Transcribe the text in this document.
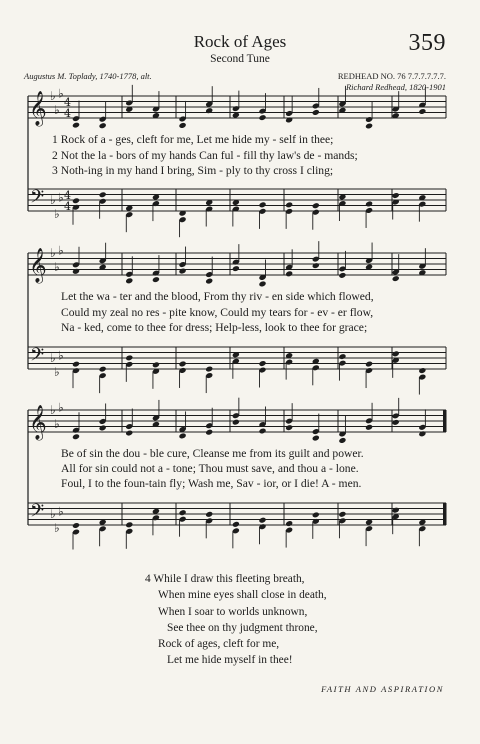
Rock of Ages
Second Tune
359
Augustus M. Toplady, 1740-1778, alt.	REDHEAD NO. 76 7.7.7.7.7.7.
Richard Redhead, 1820-1901
𝄞 ♭
♭
♭
𝄢 ♭
♭
♭
4
4
4
4
𝄞 ♭
♭
♭
𝄢 ♭
♭
♭
𝄞 ♭
♭
♭
𝄢 ♭
♭
♭
1 Rock of a - ges, cleft for me, Let me hide my - self in thee;
2 Not the la - bors of my hands Can ful - fill thy law's de - mands;
3 Noth-ing in my hand I bring, Sim - ply to thy cross I cling;
Let the wa - ter and the blood, From thy riv - en side which flowed,
Could my zeal no res - pite know, Could my tears for - ev - er flow,
Na - ked, come to thee for dress; Help-less, look to thee for grace;
Be of sin the dou - ble cure, Cleanse me from its guilt and power.
All for sin could not a - tone; Thou must save, and thou a - lone.
Foul, I to the foun-tain fly; Wash me, Sav - ior, or I die! A - men.
4 While I draw this fleeting breath,
When mine eyes shall close in death,
When I soar to worlds unknown,
See thee on thy judgment throne,
Rock of ages, cleft for me,
Let me hide myself in thee!
FAITH AND ASPIRATION
